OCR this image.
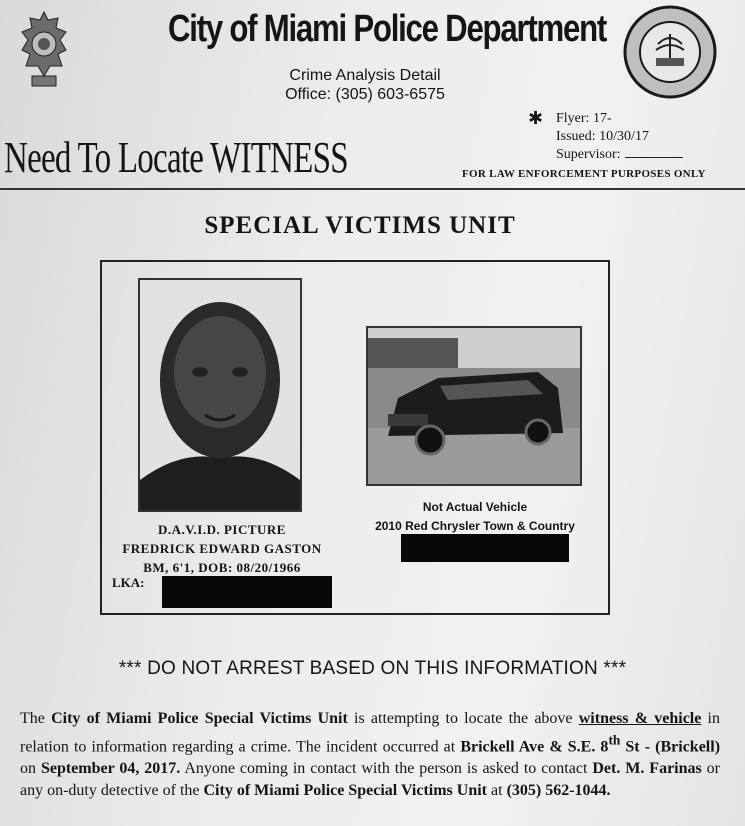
City of Miami Police Department
Crime Analysis Detail
Office: (305) 603-6575
✱ Flyer: 17-
Issued: 10/30/17
Supervisor:
Need To Locate WITNESS	FOR LAW ENFORCEMENT PURPOSES ONLY
SPECIAL VICTIMS UNIT
D.A.V.I.D. PICTURE
FREDRICK EDWARD GASTON
BM, 6'1, DOB: 08/20/1966
LKA:
Not Actual Vehicle
2010 Red Chrysler Town & Country
*** DO NOT ARREST BASED ON THIS INFORMATION ***
The City of Miami Police Special Victims Unit is attempting to locate the above witness & vehicle in relation to information regarding a crime. The incident occurred at Brickell Ave & S.E. 8th St - (Brickell) on September 04, 2017. Anyone coming in contact with the person is asked to contact Det. M. Farinas or any on-duty detective of the City of Miami Police Special Victims Unit at (305) 562-1044.
